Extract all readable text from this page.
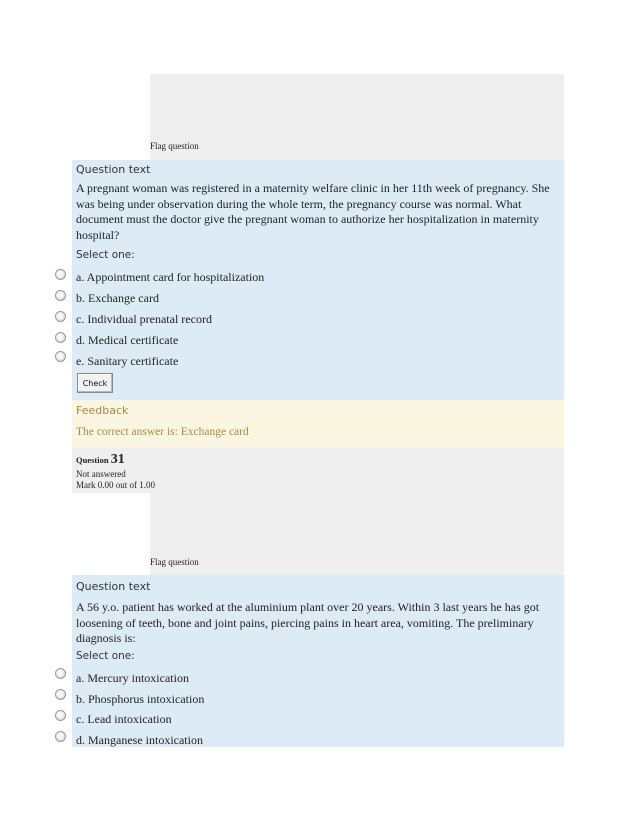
Flag question
Question text
A pregnant woman was registered in a maternity welfare clinic in her 11th week of pregnancy. She was being under observation during the whole term, the pregnancy course was normal. What document must the doctor give the pregnant woman to authorize her hospitalization in maternity hospital?
Select one:
a. Appointment card for hospitalization
b. Exchange card
c. Individual prenatal record
d. Medical certificate
e. Sanitary certificate
Check
Feedback
The correct answer is: Exchange card
Question 31
Not answered
Mark 0.00 out of 1.00
Flag question
Question text
A 56 y.o. patient has worked at the aluminium plant over 20 years. Within 3 last years he has got loosening of teeth, bone and joint pains, piercing pains in heart area, vomiting. The preliminary diagnosis is:
Select one:
a. Mercury intoxication
b. Phosphorus intoxication
c. Lead intoxication
d. Manganese intoxication
